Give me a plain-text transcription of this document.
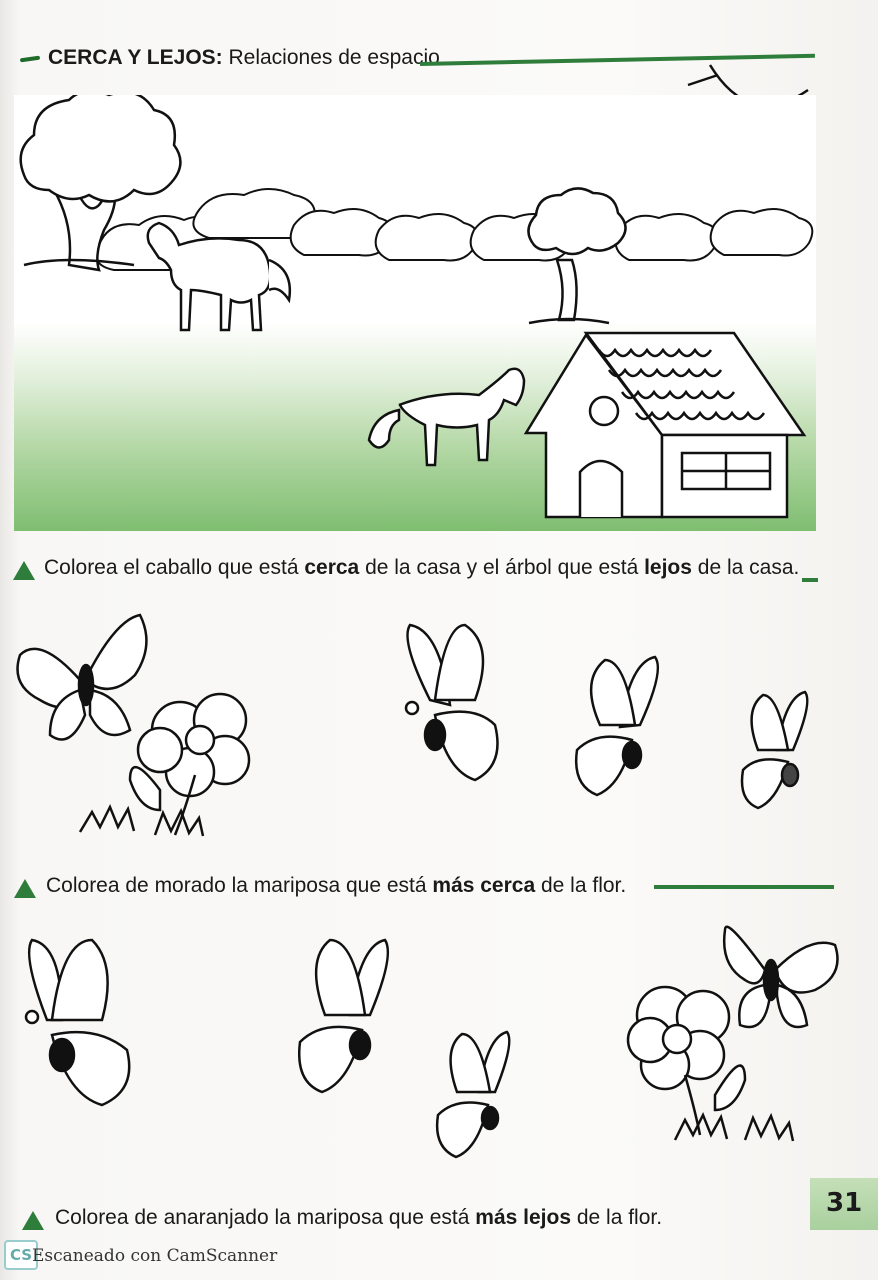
CERCA Y LEJOS: Relaciones de espacio
Colorea el caballo que está cerca de la casa y el árbol que está lejos de la casa.
Colorea de morado la mariposa que está más cerca de la flor.
Colorea de anaranjado la mariposa que está más lejos de la flor.	31
CS Escaneado con CamScanner
